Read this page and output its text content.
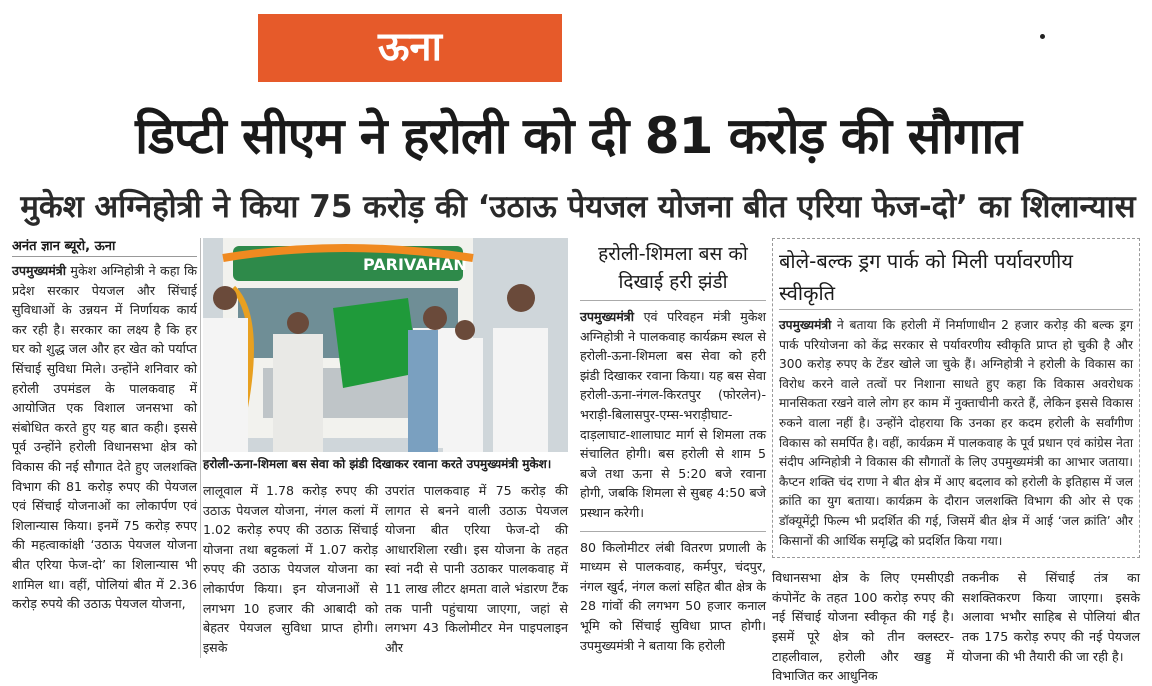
ऊना
डिप्टी सीएम ने हरोली को दी 81 करोड़ की सौगात
मुकेश अग्निहोत्री ने किया 75 करोड़ की ‘उठाऊ पेयजल योजना बीत एरिया फेज-दो’ का शिलान्यास
अनंत ज्ञान ब्यूरो, ऊना

उपमुख्यमंत्री मुकेश अग्निहोत्री ने कहा कि प्रदेश सरकार पेयजल और सिंचाई सुविधाओं के उन्नयन में निर्णायक कार्य कर रही है। सरकार का लक्ष्य है कि हर घर को शुद्ध जल और हर खेत को पर्याप्त सिंचाई सुविधा मिले। उन्होंने शनिवार को हरोली उपमंडल के पालकवाह में आयोजित एक विशाल जनसभा को संबोधित करते हुए यह बात कही। इससे पूर्व उन्होंने हरोली विधानसभा क्षेत्र को विकास की नई सौगात देते हुए जलशक्ति विभाग की 81 करोड़ रुपए की पेयजल एवं सिंचाई योजनाओं का लोकार्पण एवं शिलान्यास किया। इनमें 75 करोड़ रुपए की महत्वाकांक्षी ‘उठाऊ पेयजल योजना बीत एरिया फेज-दो’ का शिलान्यास भी शामिल था। वहीं, पोलियां बीत में 2.36 करोड़ रुपये की उठाऊ पेयजल योजना,

PARIVAHAN
हरोली-ऊना-शिमला बस सेवा को झंडी दिखाकर रवाना करते उपमुख्यमंत्री मुकेश।

लालूवाल में 1.78 करोड़ रुपए की उठाऊ पेयजल योजना, नंगल कलां में 1.02 करोड़ रुपए की उठाऊ सिंचाई योजना तथा बट्टकलां में 1.07 करोड़ रुपए की उठाऊ पेयजल योजना का लोकार्पण किया। इन योजनाओं से लगभग 10 हजार की आबादी को बेहतर पेयजल सुविधा प्राप्त होगी। इसके

उपरांत पालकवाह में 75 करोड़ की लागत से बनने वाली उठाऊ पेयजल योजना बीत एरिया फेज-दो की आधारशिला रखी। इस योजना के तहत स्वां नदी से पानी उठाकर पालकवाह में 11 लाख लीटर क्षमता वाले भंडारण टैंक तक पानी पहुंचाया जाएगा, जहां से लगभग 43 किलोमीटर मेन पाइपलाइन और

हरोली-शिमला बस को दिखाई हरी झंडी

उपमुख्यमंत्री एवं परिवहन मंत्री मुकेश अग्निहोत्री ने पालकवाह कार्यक्रम स्थल से हरोली-ऊना-शिमला बस सेवा को हरी झंडी दिखाकर रवाना किया। यह बस सेवा हरोली-ऊना-नंगल-किरतपुर (फोरलेन)-भराड़ी-बिलासपुर-एम्स-भराड़ीघाट-दाड़लाघाट-शालाघाट मार्ग से शिमला तक संचालित होगी। बस हरोली से शाम 5 बजे तथा ऊना से 5:20 बजे रवाना होगी, जबकि शिमला से सुबह 4:50 बजे प्रस्थान करेगी।

80 किलोमीटर लंबी वितरण प्रणाली के माध्यम से पालकवाह, कर्मपुर, चंदपुर, नंगल खुर्द, नंगल कलां सहित बीत क्षेत्र के 28 गांवों की लगभग 50 हजार कनाल भूमि को सिंचाई सुविधा प्राप्त होगी। उपमुख्यमंत्री ने बताया कि हरोली

बोले-बल्क ड्रग पार्क को मिली पर्यावरणीय स्वीकृति

उपमुख्यमंत्री ने बताया कि हरोली में निर्माणाधीन 2 हजार करोड़ की बल्क ड्रग पार्क परियोजना को केंद्र सरकार से पर्यावरणीय स्वीकृति प्राप्त हो चुकी है और 300 करोड़ रुपए के टेंडर खोले जा चुके हैं। अग्निहोत्री ने हरोली के विकास का विरोध करने वाले तत्वों पर निशाना साधते हुए कहा कि विकास अवरोधक मानसिकता रखने वाले लोग हर काम में नुक्ताचीनी करते हैं, लेकिन इससे विकास रुकने वाला नहीं है। उन्होंने दोहराया कि उनका हर कदम हरोली के सर्वांगीण विकास को समर्पित है। वहीं, कार्यक्रम में पालकवाह के पूर्व प्रधान एवं कांग्रेस नेता संदीप अग्निहोत्री ने विकास की सौगातों के लिए उपमुख्यमंत्री का आभार जताया। कैप्टन शक्ति चंद राणा ने बीत क्षेत्र में आए बदलाव को हरोली के इतिहास में जल क्रांति का युग बताया। कार्यक्रम के दौरान जलशक्ति विभाग की ओर से एक डॉक्यूमेंट्री फिल्म भी प्रदर्शित की गई, जिसमें बीत क्षेत्र में आई ‘जल क्रांति’ और किसानों की आर्थिक समृद्धि को प्रदर्शित किया गया।

विधानसभा क्षेत्र के लिए एमसीएडी कंपोनेंट के तहत 100 करोड़ रुपए की नई सिंचाई योजना स्वीकृत की गई है। इसमें पूरे क्षेत्र को तीन क्लस्टर-टाहलीवाल, हरोली और खड्ड में विभाजित कर आधुनिक

तकनीक से सिंचाई तंत्र का सशक्तिकरण किया जाएगा। इसके अलावा भभौर साहिब से पोलियां बीत तक 175 करोड़ रुपए की नई पेयजल योजना की भी तैयारी की जा रही है।
